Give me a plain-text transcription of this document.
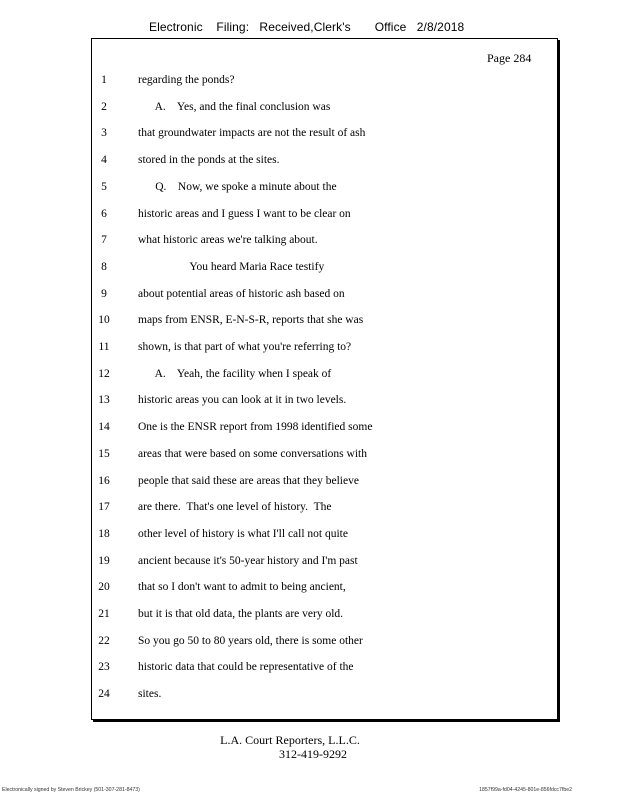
Electronic    Filing:   Received,Clerk's       Office   2/8/2018
Page 284
1	regarding the ponds?
2	A.    Yes, and the final conclusion was
3	that groundwater impacts are not the result of ash
4	stored in the ponds at the sites.
5	Q.    Now, we spoke a minute about the
6	historic areas and I guess I want to be clear on
7	what historic areas we're talking about.
8	You heard Maria Race testify
9	about potential areas of historic ash based on
10	maps from ENSR, E-N-S-R, reports that she was
11	shown, is that part of what you're referring to?
12	A.    Yeah, the facility when I speak of
13	historic areas you can look at it in two levels.
14	One is the ENSR report from 1998 identified some
15	areas that were based on some conversations with
16	people that said these are areas that they believe
17	are there.  That's one level of history.  The
18	other level of history is what I'll call not quite
19	ancient because it's 50-year history and I'm past
20	that so I don't want to admit to being ancient,
21	but it is that old data, the plants are very old.
22	So you go 50 to 80 years old, there is some other
23	historic data that could be representative of the
24	sites.
L.A. Court Reporters, L.L.C.
312-419-9292
Electronically signed by Steven Brickey (501-307-281-8473)	1857f99a-fd04-4245-801e-856fdcc7fbe2
